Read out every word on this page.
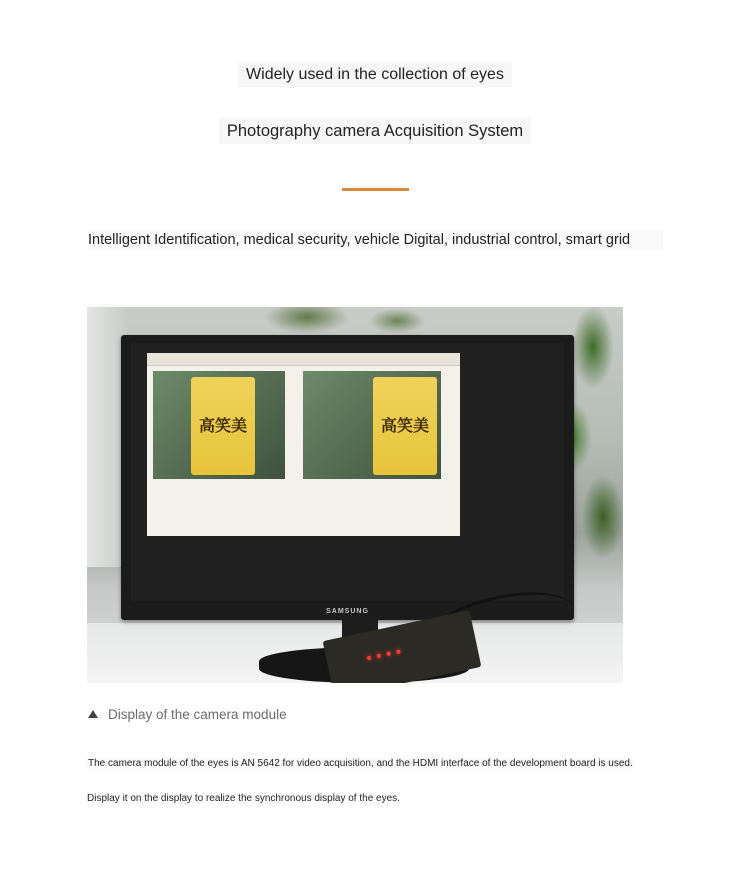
Widely used in the collection of eyes
Photography camera Acquisition System
Intelligent Identification, medical security, vehicle Digital, industrial control, smart grid
高笑美	高笑美
SAMSUNG
Display of the camera module
The camera module of the eyes is AN 5642 for video acquisition, and the HDMI interface of the development board is used.
Display it on the display to realize the synchronous display of the eyes.
